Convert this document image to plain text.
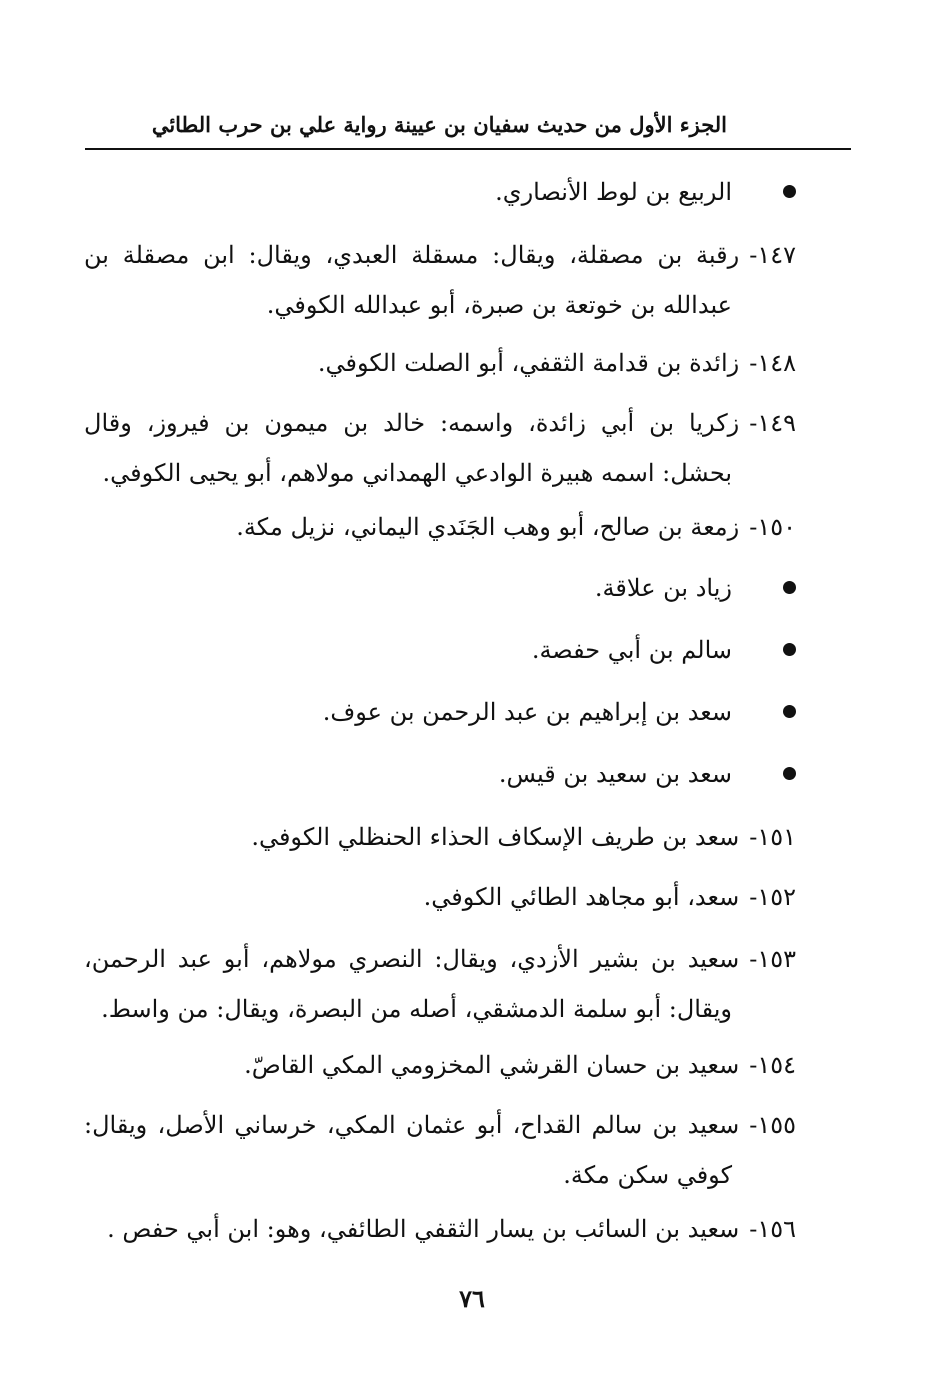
الجزء الأول من حديث سفيان بن عيينة رواية علي بن حرب الطائي
الربيع بن لوط الأنصاري.
١٤٧-رقبة بن مصقلة، ويقال: مسقلة العبدي، ويقال: ابن مصقلة بن
عبدالله بن خوتعة بن صبرة، أبو عبدالله الكوفي.
١٤٨-زائدة بن قدامة الثقفي، أبو الصلت الكوفي.
١٤٩-زكريا بن أبي زائدة، واسمه: خالد بن ميمون بن فيروز، وقال
بحشل: اسمه هبيرة الوادعي الهمداني مولاهم، أبو يحيى الكوفي.
١٥٠-زمعة بن صالح، أبو وهب الجَنَدي اليماني، نزيل مكة.
زياد بن علاقة.
سالم بن أبي حفصة.
سعد بن إبراهيم بن عبد الرحمن بن عوف.
سعد بن سعيد بن قيس.
١٥١-سعد بن طريف الإسكاف الحذاء الحنظلي الكوفي.
١٥٢-سعد، أبو مجاهد الطائي الكوفي.
١٥٣-سعيد بن بشير الأزدي، ويقال: النصري مولاهم، أبو عبد الرحمن،
ويقال: أبو سلمة الدمشقي، أصله من البصرة، ويقال: من واسط.
١٥٤-سعيد بن حسان القرشي المخزومي المكي القاصّ.
١٥٥-سعيد بن سالم القداح، أبو عثمان المكي، خرساني الأصل، ويقال:
كوفي سكن مكة.
١٥٦-سعيد بن السائب بن يسار الثقفي الطائفي، وهو: ابن أبي حفص .
٧٦
